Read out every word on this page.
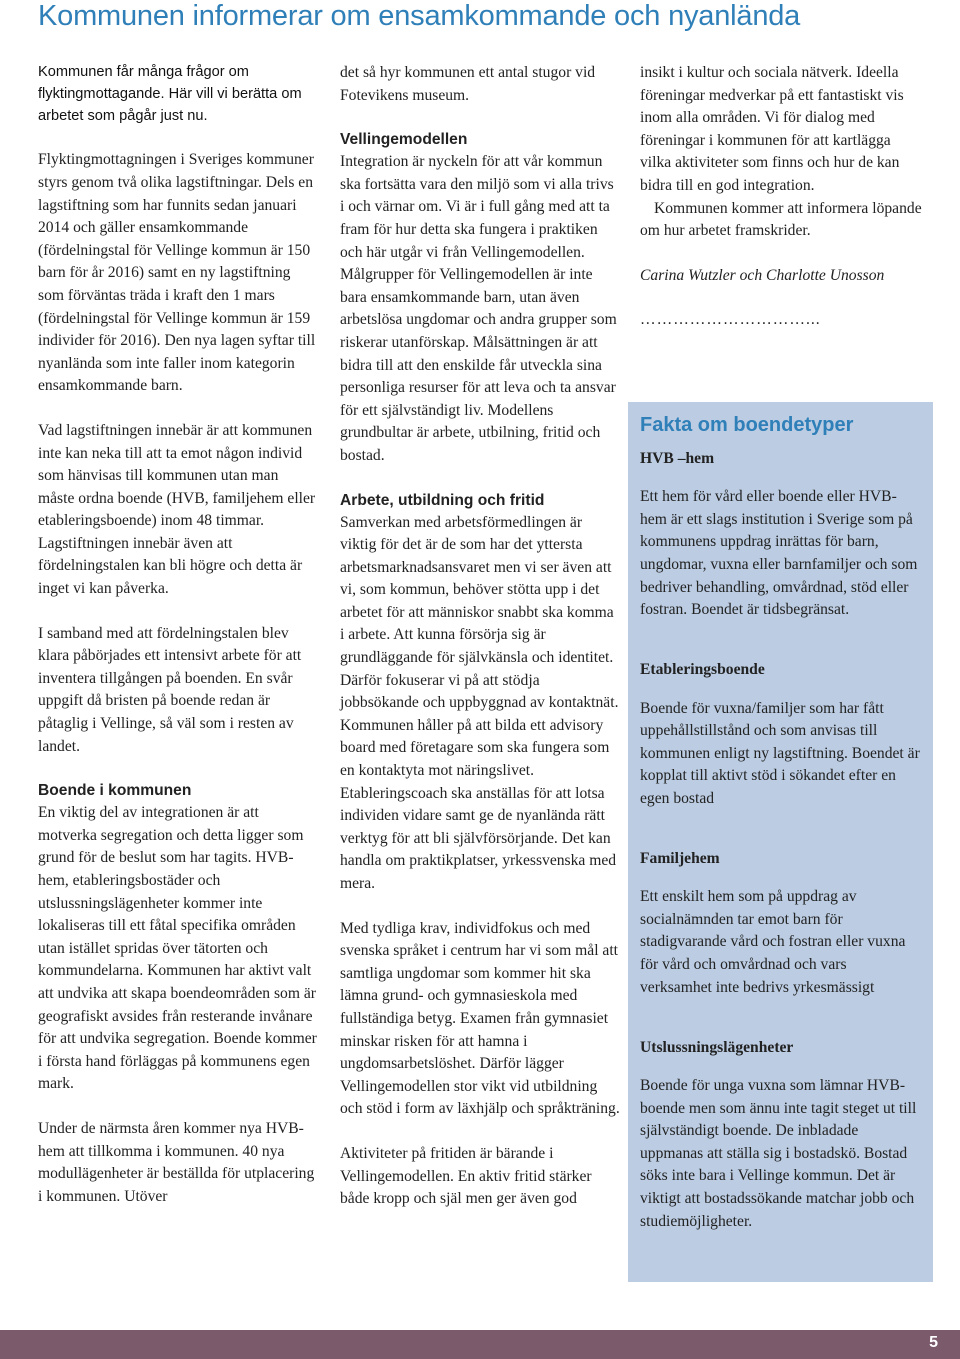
Kommunen informerar om ensamkommande och nyanlända

Kommunen får många frågor om flyktingmottagande. Här vill vi berätta om arbetet som pågår just nu.

Flyktingmottagningen i Sveriges kommuner styrs genom två olika lagstiftningar. Dels en lagstiftning som har funnits sedan januari 2014 och gäller ensamkommande (fördelningstal för Vellinge kommun är 150 barn för år 2016) samt en ny lagstiftning som förväntas träda i kraft den 1 mars (fördelningstal för Vellinge kommun är 159 individer för 2016). Den nya lagen syftar till nyanlända som inte faller inom kategorin ensamkommande barn.

Vad lagstiftningen innebär är att kommunen inte kan neka till att ta emot någon individ som hänvisas till kommunen utan man måste ordna boende (HVB, familjehem eller etableringsboende) inom 48 timmar. Lagstiftningen innebär även att fördelningstalen kan bli högre och detta är inget vi kan påverka.

I samband med att fördelningstalen blev klara påbörjades ett intensivt arbete för att inventera tillgången på boenden. En svår uppgift då bristen på boende redan är påtaglig i Vellinge, så väl som i resten av landet.

Boende i kommunen

En viktig del av integrationen är att motverka segregation och detta ligger som grund för de beslut som har tagits. HVB-hem, etableringsbostäder och utslussningslägenheter kommer inte lokaliseras till ett fåtal specifika områden utan istället spridas över tätorten och kommundelarna. Kommunen har aktivt valt att undvika att skapa boendeområden som är geografiskt avsides från resterande invånare för att undvika segregation. Boende kommer i första hand förläggas på kommunens egen mark.

Under de närmsta åren kommer nya HVB-hem att tillkomma i kommunen. 40 nya modullägenheter är beställda för utplacering i kommunen. Utöver

det så hyr kommunen ett antal stugor vid Fotevikens museum.

Vellingemodellen

Integration är nyckeln för att vår kommun ska fortsätta vara den miljö som vi alla trivs i och värnar om. Vi är i full gång med att ta fram för hur detta ska fungera i praktiken och här utgår vi från Vellingemodellen. Målgrupper för Vellingemodellen är inte bara ensamkommande barn, utan även arbetslösa ungdomar och andra grupper som riskerar utanförskap. Målsättningen är att bidra till att den enskilde får utveckla sina personliga resurser för att leva och ta ansvar för ett självständigt liv. Modellens grundbultar är arbete, utbilning, fritid och bostad.

Arbete, utbildning och fritid

Samverkan med arbetsförmedlingen är viktig för det är de som har det yttersta arbetsmarknadsansvaret men vi ser även att vi, som kommun, behöver stötta upp i det arbetet för att människor snabbt ska komma i arbete. Att kunna försörja sig är grundläggande för självkänsla och identitet. Därför fokuserar vi på att stödja jobbsökande och uppbyggnad av kontaktnät. Kommunen håller på att bilda ett advisory board med företagare som ska fungera som en kontaktyta mot näringslivet. Etableringscoach ska anställas för att lotsa individen vidare samt ge de nyanlända rätt verktyg för att bli självförsörjande. Det kan handla om praktikplatser, yrkessvenska med mera.

Med tydliga krav, individfokus och med svenska språket i centrum har vi som mål att samtliga ungdomar som kommer hit ska lämna grund- och gymnasieskola med fullständiga betyg. Examen från gymnasiet minskar risken för att hamna i ungdomsarbetslöshet. Därför lägger Vellingemodellen stor vikt vid utbildning och stöd i form av läxhjälp och språkträning.

Aktiviteter på fritiden är bärande i Vellingemodellen. En aktiv fritid stärker både kropp och själ men ger även god

insikt i kultur och sociala nätverk. Ideella föreningar medverkar på ett fantastiskt vis inom alla områden. Vi för dialog med föreningar i kommunen för att kartlägga vilka aktiviteter som finns och hur de kan bidra till en god integration.

Kommunen kommer att informera löpande om hur arbetet framskrider.

Carina Wutzler och Charlotte Unosson

…………………………...

Fakta om boendetyper

HVB –hem

Ett hem för vård eller boende eller HVB-hem är ett slags institution i Sverige som på kommunens uppdrag inrättas för barn, ungdomar, vuxna eller barnfamiljer och som bedriver behandling, omvårdnad, stöd eller fostran. Boendet är tidsbegränsat.

Etableringsboende

Boende för vuxna/familjer som har fått uppehållstillstånd och som anvisas till kommunen enligt ny lagstiftning. Boendet är kopplat till aktivt stöd i sökandet efter en egen bostad

Familjehem

Ett enskilt hem som på uppdrag av socialnämnden tar emot barn för stadigvarande vård och fostran eller vuxna för vård och omvårdnad och vars verksamhet inte bedrivs yrkesmässigt

Utslussningslägenheter

Boende för unga vuxna som lämnar HVB-boende men som ännu inte tagit steget ut till självständigt boende. De inbladade uppmanas att ställa sig i bostadskö. Bostad söks inte bara i Vellinge kommun. Det är viktigt att bostadssökande matchar jobb och studiemöjligheter.

5
